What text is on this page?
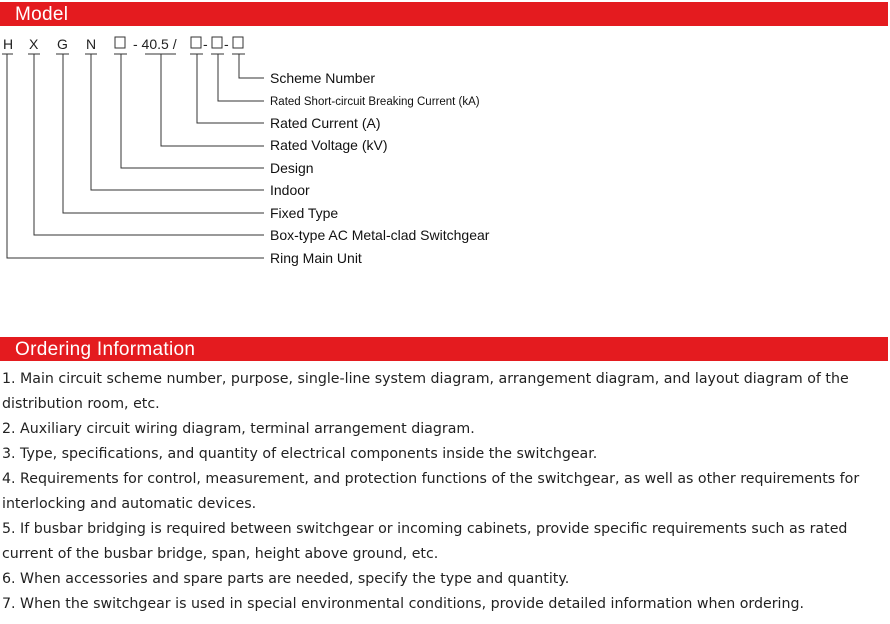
Model
H X G N	- 40.5 / - -
Scheme Number
Rated Short-circuit Breaking Current (kA)
Rated Current (A)
Rated Voltage (kV)
Design
Indoor
Fixed Type
Box-type AC Metal-clad Switchgear
Ring Main Unit
Ordering Information
1. Main circuit scheme number, purpose, single-line system diagram, arrangement diagram, and layout diagram of the distribution room, etc.
2. Auxiliary circuit wiring diagram, terminal arrangement diagram.
3. Type, specifications, and quantity of electrical components inside the switchgear.
4. Requirements for control, measurement, and protection functions of the switchgear, as well as other requirements for interlocking and automatic devices.
5. If busbar bridging is required between switchgear or incoming cabinets, provide specific requirements such as rated current of the busbar bridge, span, height above ground, etc.
6. When accessories and spare parts are needed, specify the type and quantity.
7. When the switchgear is used in special environmental conditions, provide detailed information when ordering.
